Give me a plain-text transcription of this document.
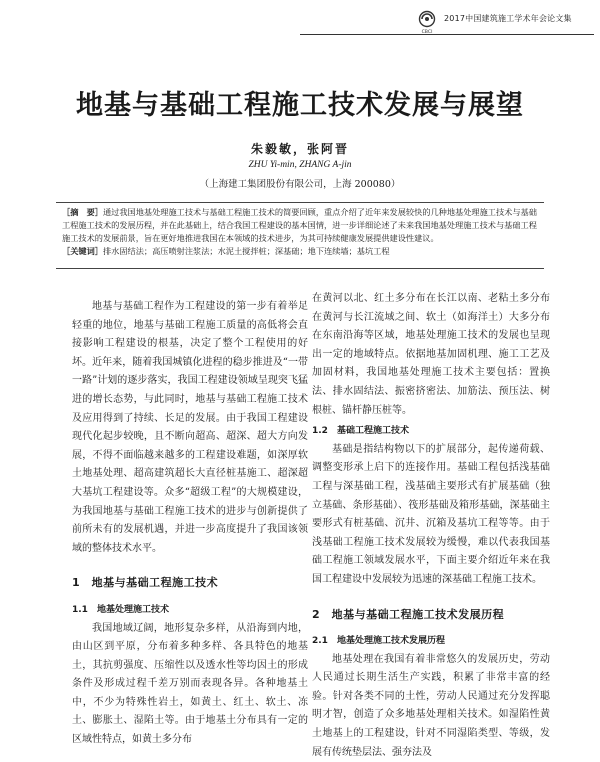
CBCI
2017中国建筑施工学术年会论文集
地基与基础工程施工技术发展与展望
朱毅敏，张阿晋
ZHU Yi-min, ZHANG A-jin
（上海建工集团股份有限公司，上海 200080）

［摘　要］通过我国地基处理施工技术与基础工程施工技术的简要回顾，重点介绍了近年来发展较快的几种地基处理施工技术与基础工程施工技术的发展历程，并在此基础上，结合我国工程建设的基本国情，进一步详细论述了未来我国地基处理施工技术与基础工程施工技术的发展前景，旨在更好地推进我国在本领域的技术进步，为其可持续健康发展提供建设性建议。

［关键词］排水固结法；高压喷射注浆法；水泥土搅拌桩；深基础；地下连续墙；基坑工程

地基与基础工程作为工程建设的第一步有着举足轻重的地位，地基与基础工程施工质量的高低将会直接影响工程建设的根基，决定了整个工程使用的好坏。近年来，随着我国城镇化进程的稳步推进及“一带一路”计划的逐步落实，我国工程建设领域呈现突飞猛进的增长态势，与此同时，地基与基础工程施工技术及应用得到了持续、长足的发展。由于我国工程建设现代化起步较晚，且不断向超高、超深、超大方向发展，不得不面临越来越多的工程建设难题，如深厚软土地基处理、超高建筑超长大直径桩基施工、超深超大基坑工程建设等。众多“超级工程”的大规模建设，为我国地基与基础工程施工技术的进步与创新提供了前所未有的发展机遇，并进一步高度提升了我国该领域的整体技术水平。

1　地基与基础工程施工技术
1.1　地基处理施工技术

我国地域辽阔，地形复杂多样，从沿海到内地，由山区到平原，分布着多种多样、各具特色的地基土，其抗剪强度、压缩性以及透水性等均因土的形成条件及形成过程千差万别而表现各异。各种地基土中，不少为特殊性岩土，如黄土、红土、软土、冻土、膨胀土、湿陷土等。由于地基土分布具有一定的区域性特点，如黄土多分布

在黄河以北、红土多分布在长江以南、老粘土多分布在黄河与长江流域之间、软土（如海洋土）大多分布在东南沿海等区域，地基处理施工技术的发展也呈现出一定的地域特点。依据地基加固机理、施工工艺及加固材料，我国地基处理施工技术主要包括：置换法、排水固结法、振密挤密法、加筋法、预压法、树根桩、锚杆静压桩等。

1.2　基础工程施工技术

基础是指结构物以下的扩展部分，起传递荷载、调整变形承上启下的连接作用。基础工程包括浅基础工程与深基础工程，浅基础主要形式有扩展基础（独立基础、条形基础）、筏形基础及箱形基础，深基础主要形式有桩基础、沉井、沉箱及基坑工程等等。由于浅基础工程施工技术发展较为缓慢，难以代表我国基础工程施工领域发展水平，下面主要介绍近年来在我国工程建设中发展较为迅速的深基础工程施工技术。

2　地基与基础工程施工技术发展历程
2.1　地基处理施工技术发展历程

地基处理在我国有着非常悠久的发展历史，劳动人民通过长期生活生产实践，积累了非常丰富的经验。针对各类不同的土性，劳动人民通过充分发挥聪明才智，创造了众多地基处理相关技术。如湿陷性黄土地基上的工程建设，针对不同湿陷类型、等级，发展有传统垫层法、强夯法及
